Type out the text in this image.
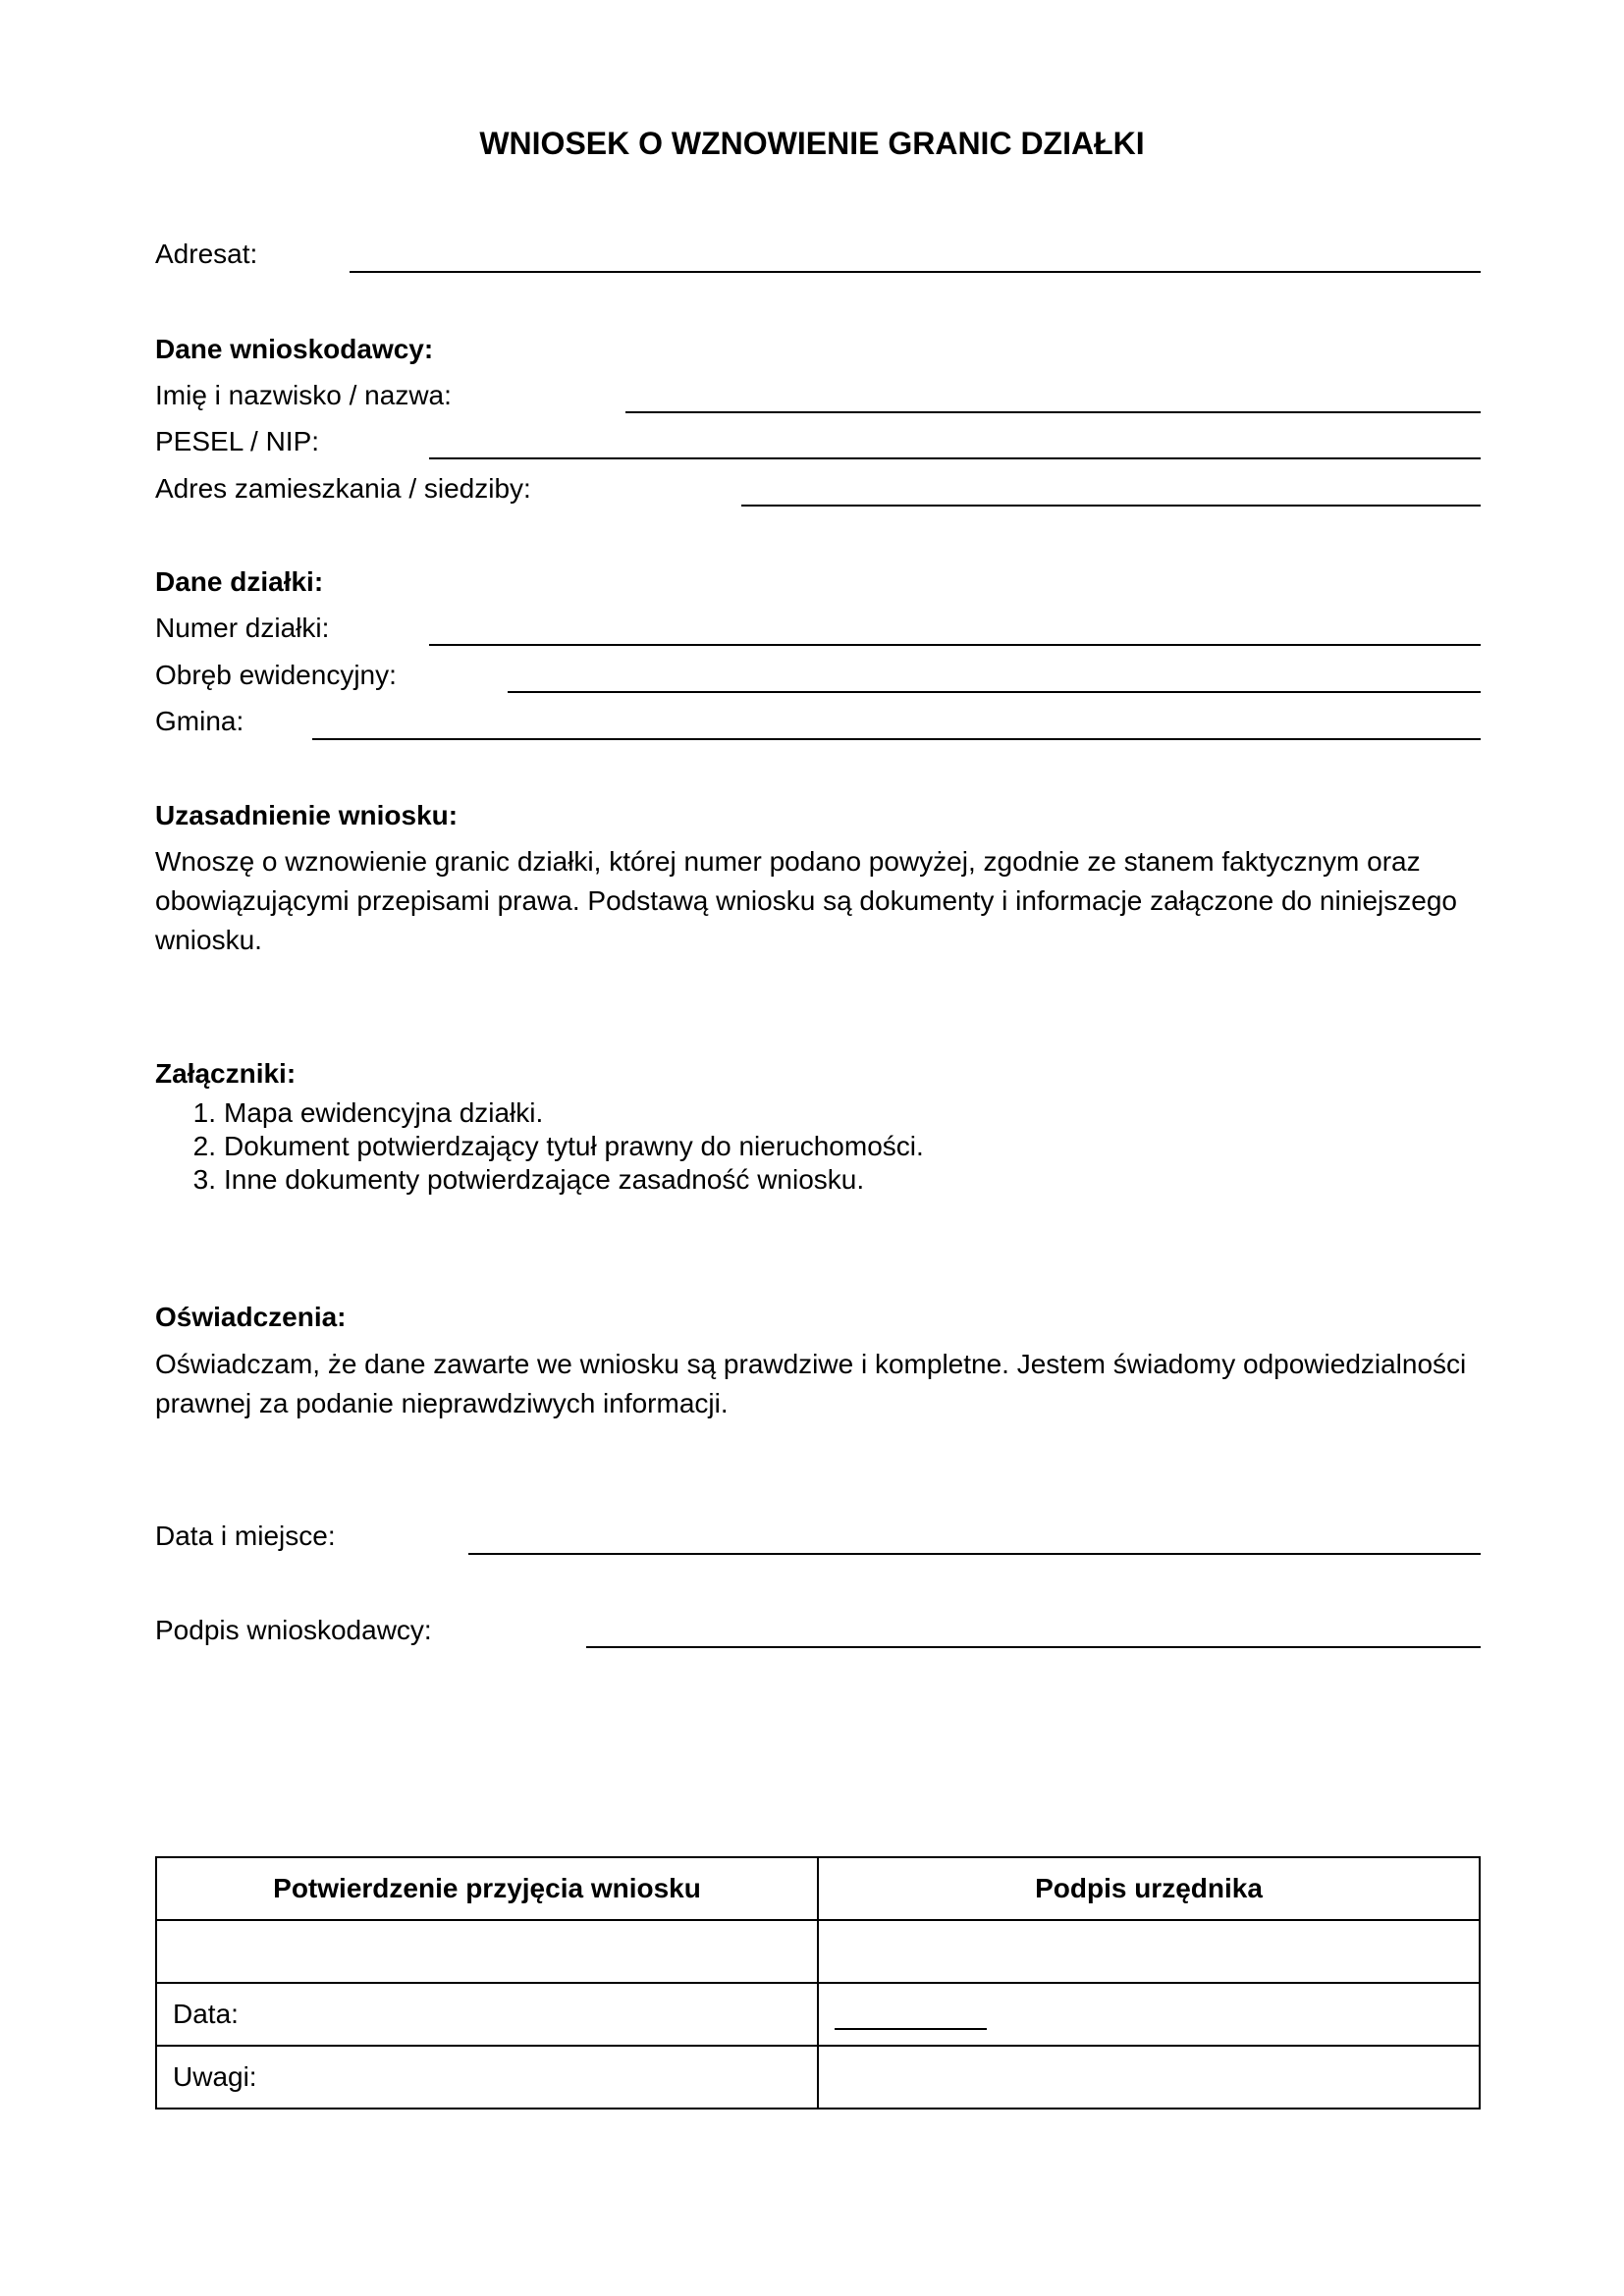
WNIOSEK O WZNOWIENIE GRANIC DZIAŁKI
Adresat:
Dane wnioskodawcy:
Imię i nazwisko / nazwa:
PESEL / NIP:
Adres zamieszkania / siedziby:
Dane działki:
Numer działki:
Obręb ewidencyjny:
Gmina:
Uzasadnienie wniosku:
Wnoszę o wznowienie granic działki, której numer podano powyżej, zgodnie ze stanem faktycznym oraz obowiązującymi przepisami prawa. Podstawą wniosku są dokumenty i informacje załączone do niniejszego wniosku.
Załączniki:
1. Mapa ewidencyjna działki.
2. Dokument potwierdzający tytuł prawny do nieruchomości.
3. Inne dokumenty potwierdzające zasadność wniosku.
Oświadczenia:
Oświadczam, że dane zawarte we wniosku są prawdziwe i kompletne. Jestem świadomy odpowiedzialności prawnej za podanie nieprawdziwych informacji.
Data i miejsce:
Podpis wnioskodawcy:
Potwierdzenie przyjęcia wniosku	Podpis urzędnika

Data:	
Uwagi:	
